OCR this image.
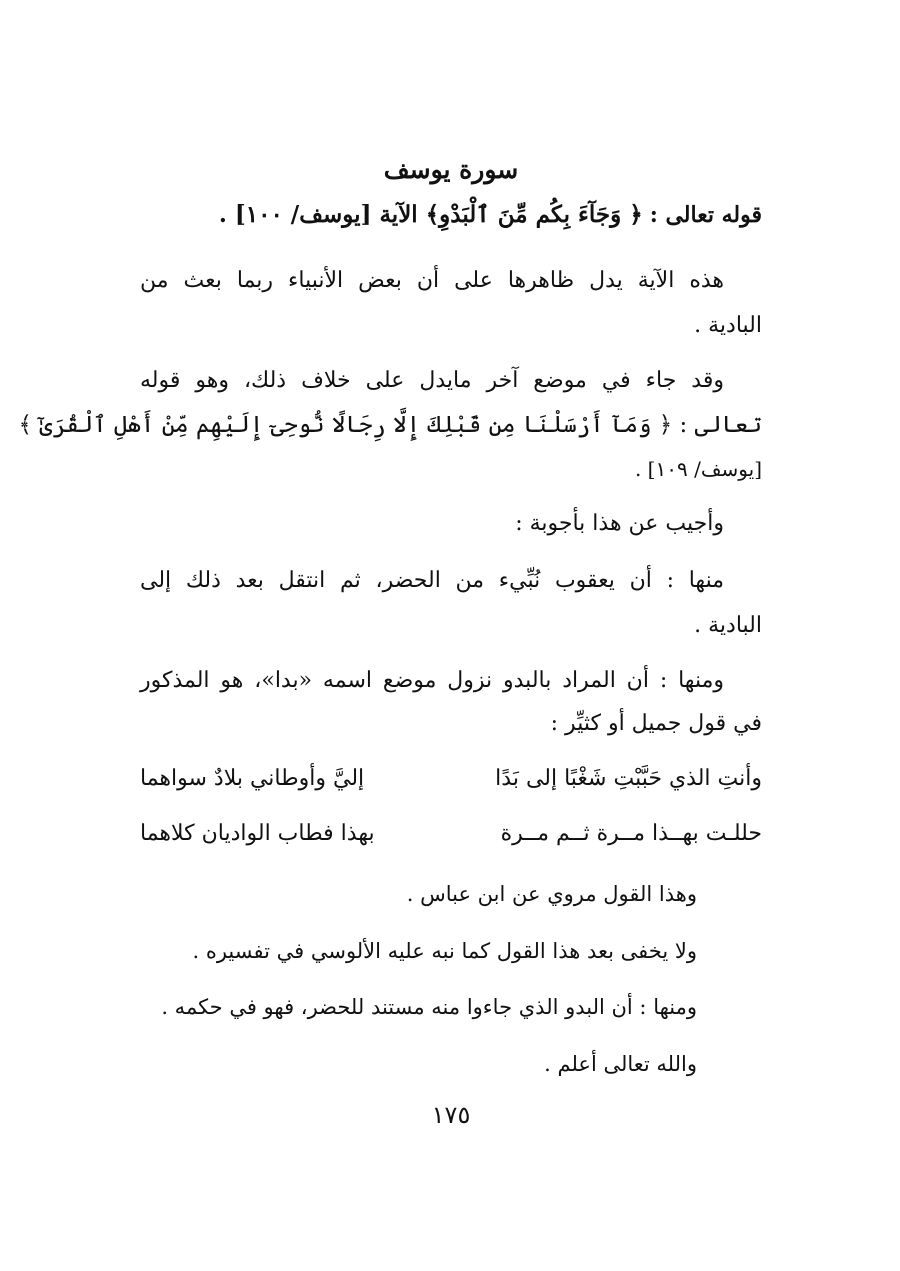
سورة يوسف
قوله تعالى : ﴿ وَجَآءَ بِكُم مِّنَ ٱلْبَدْوِ﴾ الآية [يوسف/ ١٠٠] .
هذه الآية يدل ظاهرها على أن بعض الأنبياء ربما بعث من
البادية .
وقد جاء في موضع آخر مايدل على خلاف ذلك، وهو قوله
تعالى : ﴿ وَمَآ أَرْسَلْنَا مِن قَبْلِكَ إِلَّا رِجَالًا نُّوحِىٓ إِلَيْهِم مِّنْ أَهْلِ ٱلْقُرَىٰٓ ﴾
[يوسف/ ١٠٩] .
وأجيب عن هذا بأجوبة :
منها : أن يعقوب نُبِّيء من الحضر، ثم انتقل بعد ذلك إلى
البادية .
ومنها : أن المراد بالبدو نزول موضع اسمه «بدا»، هو المذكور
في قول جميل أو كثيِّر :
وأنتِ الذي حَبَّبْتِ شَغْبًا إلى بَدًا
إليَّ وأوطاني بلادٌ سواهما
حللـت بهــذا مــرة ثــم مــرة
بهذا فطاب الواديان كلاهما
وهذا القول مروي عن ابن عباس .
ولا يخفى بعد هذا القول كما نبه عليه الألوسي في تفسيره .
ومنها : أن البدو الذي جاءوا منه مستند للحضر، فهو في حكمه .
والله تعالى أعلم .
١٧٥
